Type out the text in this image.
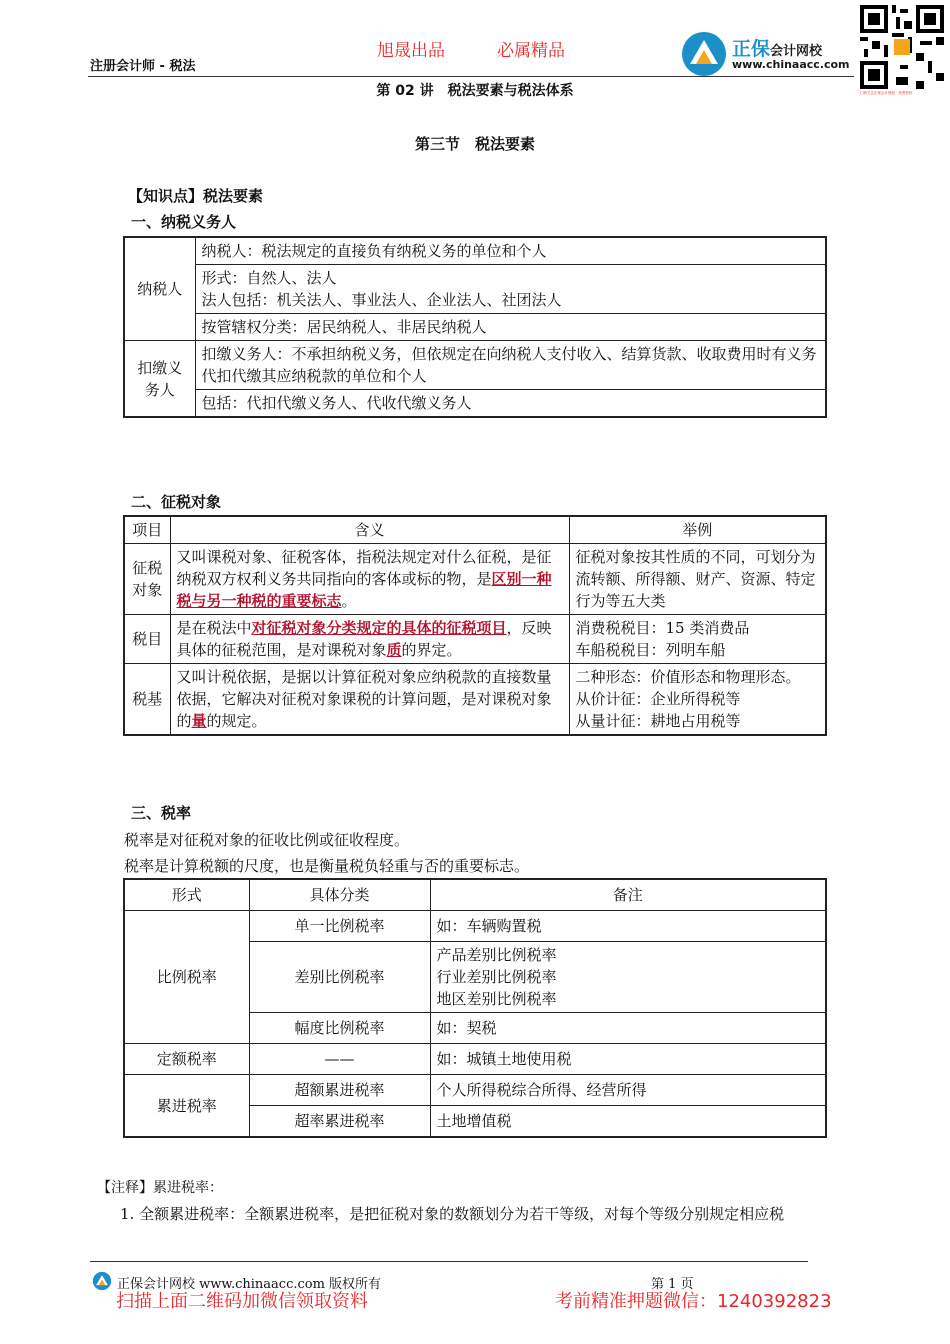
注册会计师 - 税法
旭晟出品	必属精品	正保会计网校
www.chinaacc.com
扫码关注正保会计网校 · 免费资料
第 02 讲　税法要素与税法体系
第三节　税法要素
【知识点】税法要素
一、纳税义务人
纳税人	纳税人：税法规定的直接负有纳税义务的单位和个人

	形式：自然人、法人
法人包括：机关法人、事业法人、企业法人、社团法人

	按管辖权分类：居民纳税人、非居民纳税人
扣缴义务人	扣缴义务人：不承担纳税义务，但依规定在向纳税人支付收入、结算货款、收取费用时有义务代扣代缴其应纳税款的单位和个人
	包括：代扣代缴义务人、代收代缴义务人
二、征税对象
项目	含义	举例
征税对象	又叫课税对象、征税客体，指税法规定对什么征税，是征纳税双方权利义务共同指向的客体或标的物，是区别一种税与另一种税的重要标志。	征税对象按其性质的不同，可划分为流转额、所得额、财产、资源、特定行为等五大类
税目	是在税法中对征税对象分类规定的具体的征税项目，反映具体的征税范围，是对课税对象质的界定。	消费税税目：15 类消费品
车船税税目：列明车船

税基	又叫计税依据，是据以计算征税对象应纳税款的直接数量依据，它解决对征税对象课税的计算问题，是对课税对象的量的规定。	二种形态：价值形态和物理形态。
从价计征：企业所得税等
从量计征：耕地占用税等
三、税率
税率是对征税对象的征收比例或征收程度。
税率是计算税额的尺度，也是衡量税负轻重与否的重要标志。
形式	具体分类	备注
比例税率	单一比例税率	如：车辆购置税
	差别比例税率	产品差别比例税率
行业差别比例税率
地区差别比例税率

	幅度比例税率	如：契税
定额税率	——	如：城镇土地使用税
累进税率	超额累进税率	个人所得税综合所得、经营所得
	超率累进税率	土地增值税
【注释】累进税率：
1. 全额累进税率：全额累进税率，是把征税对象的数额划分为若干等级，对每个等级分别规定相应税
正保会计网校 www.chinaacc.com 版权所有	第 1 页
扫描上面二维码加微信领取资料	考前精准押题微信：1240392823
